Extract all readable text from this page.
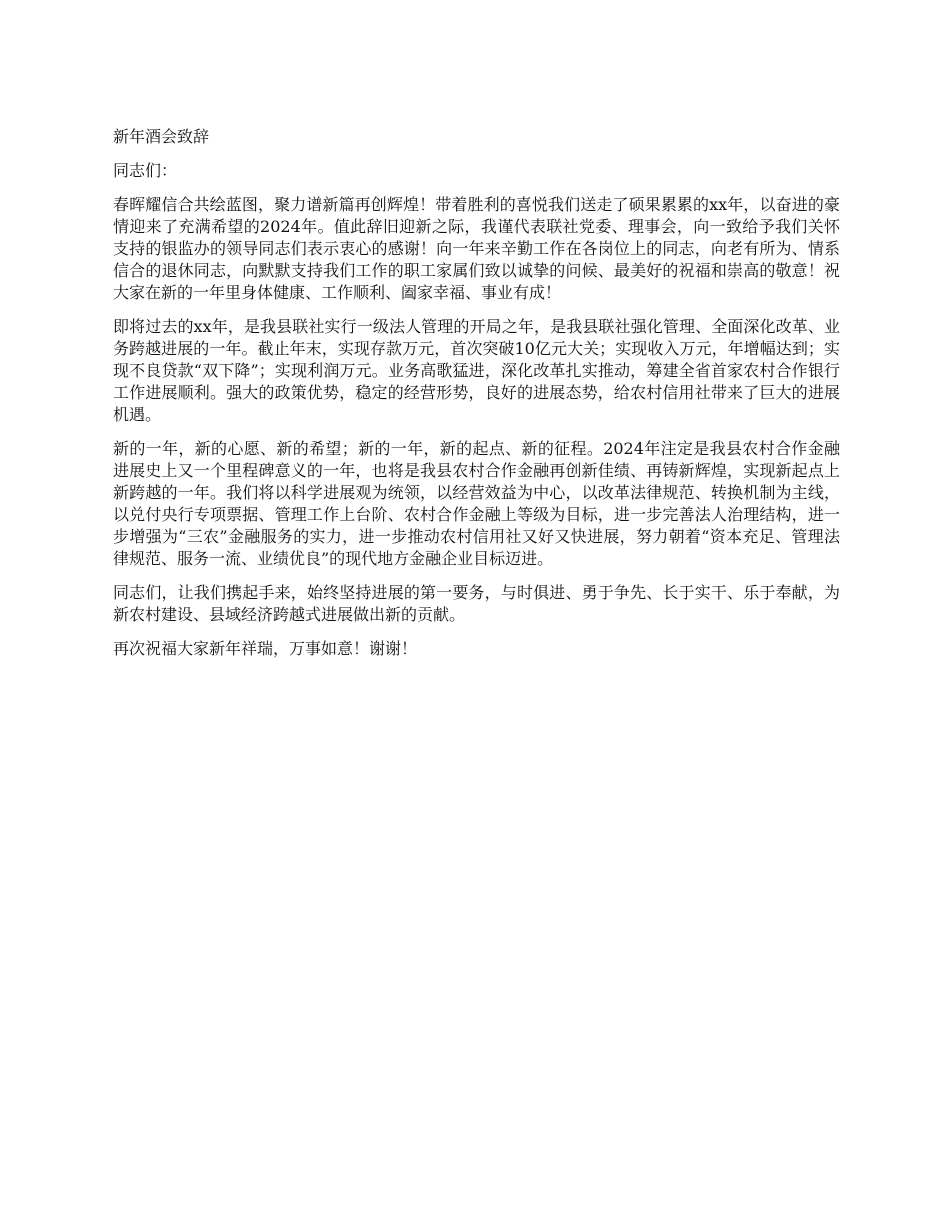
新年酒会致辞

同志们：

春晖耀信合共绘蓝图，聚力谱新篇再创辉煌！带着胜利的喜悦我们送走了硕果累累的xx年，以奋进的豪情迎来了充满希望的2024年。值此辞旧迎新之际，我谨代表联社党委、理事会，向一致给予我们关怀支持的银监办的领导同志们表示衷心的感谢！向一年来辛勤工作在各岗位上的同志，向老有所为、情系信合的退休同志，向默默支持我们工作的职工家属们致以诚挚的问候、最美好的祝福和崇高的敬意！祝大家在新的一年里身体健康、工作顺利、阖家幸福、事业有成！

即将过去的xx年，是我县联社实行一级法人管理的开局之年，是我县联社强化管理、全面深化改革、业务跨越进展的一年。截止年末，实现存款万元，首次突破10亿元大关；实现收入万元，年增幅达到；实现不良贷款“双下降”；实现利润万元。业务高歌猛进，深化改革扎实推动，筹建全省首家农村合作银行工作进展顺利。强大的政策优势，稳定的经营形势，良好的进展态势，给农村信用社带来了巨大的进展机遇。

新的一年，新的心愿、新的希望；新的一年，新的起点、新的征程。2024年注定是我县农村合作金融进展史上又一个里程碑意义的一年，也将是我县农村合作金融再创新佳绩、再铸新辉煌，实现新起点上新跨越的一年。我们将以科学进展观为统领，以经营效益为中心，以改革法律规范、转换机制为主线，以兑付央行专项票据、管理工作上台阶、农村合作金融上等级为目标，进一步完善法人治理结构，进一步增强为“三农”金融服务的实力，进一步推动农村信用社又好又快进展，努力朝着“资本充足、管理法律规范、服务一流、业绩优良”的现代地方金融企业目标迈进。

同志们，让我们携起手来，始终坚持进展的第一要务，与时俱进、勇于争先、长于实干、乐于奉献，为新农村建设、县域经济跨越式进展做出新的贡献。

再次祝福大家新年祥瑞，万事如意！谢谢！
